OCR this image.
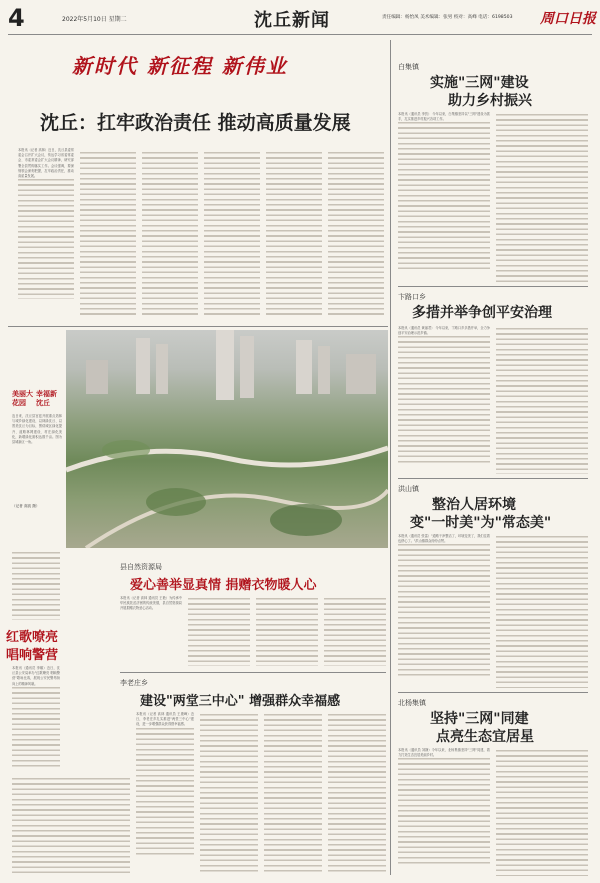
4	2022年5月10日 星期二	沈丘新闻	责任编辑：杨怡凤 美术编辑：张男 校对：高峰 电话：6198503 周口日报
新时代 新征程 新伟业
沈丘：扛牢政治责任 推动高质量发展
本报讯（记者 高林）近日，沈丘县委常委会召开扩大会议，传达学习省委常委会、市委常委会扩大会议精神，研究部署全县贯彻落实工作。会议强调，要深刻领会深刻把握，扛牢政治责任，推动高质量发展。
白集镇
实施"三网"建设
助力乡村振兴
本报讯（通讯员 李贺） 今年以来，白集镇坚持以"三网"建设为抓手，扎实推进乡村振兴各项工作。
卞路口乡
多措并举争创平安治理
本报讯（通讯员 黄丽君） 今年以来，卞路口乡多措并举，全力争创平安治理示范乡镇。
洪山镇
整治人居环境
变"一时美"为"常态美"
本报讯（通讯员 张雷）"道路干净整洁了，环境变美了，我们住着也舒心了。"洪山镇群众纷纷点赞。
北杨集镇
坚持"三网"同建
点亮生态宜居星
本报讯（通讯员 刘静）今年以来，北杨集镇坚持"三网"同建，着力打造生态宜居美丽乡村。
美丽大花园
幸福新沈丘
连日来，沈丘县宫廷开展重点造林与城乡绿化建设，以林绿沈丘、以景美沈丘为目标，围绕城区绿化提升、道路林网建设、村庄绿化美化，新增绿化面积达数千亩。图为县城新区一角。
（记者 高凯 摄）
红歌嘹亮
唱响警营
本报讯（通讯员 李娜）近日，沈丘县公安局举办"红歌嘹亮 唱响警营"歌咏比赛，展现公安民警昂扬向上的精神风貌。
县自然资源局
爱心善举显真情 捐赠衣物暖人心
本报讯（记者 高林 通讯员 王艳）为传承中华民族扶贫济困的传统美德，县自然资源局开展捐赠衣物爱心活动。
李老庄乡
建设"两堂三中心" 增强群众幸福感
本报讯（记者 高林 通讯员 王康峰）近日，李老庄乡扎实推进"两堂三中心"建设，进一步增强群众获得感幸福感。
